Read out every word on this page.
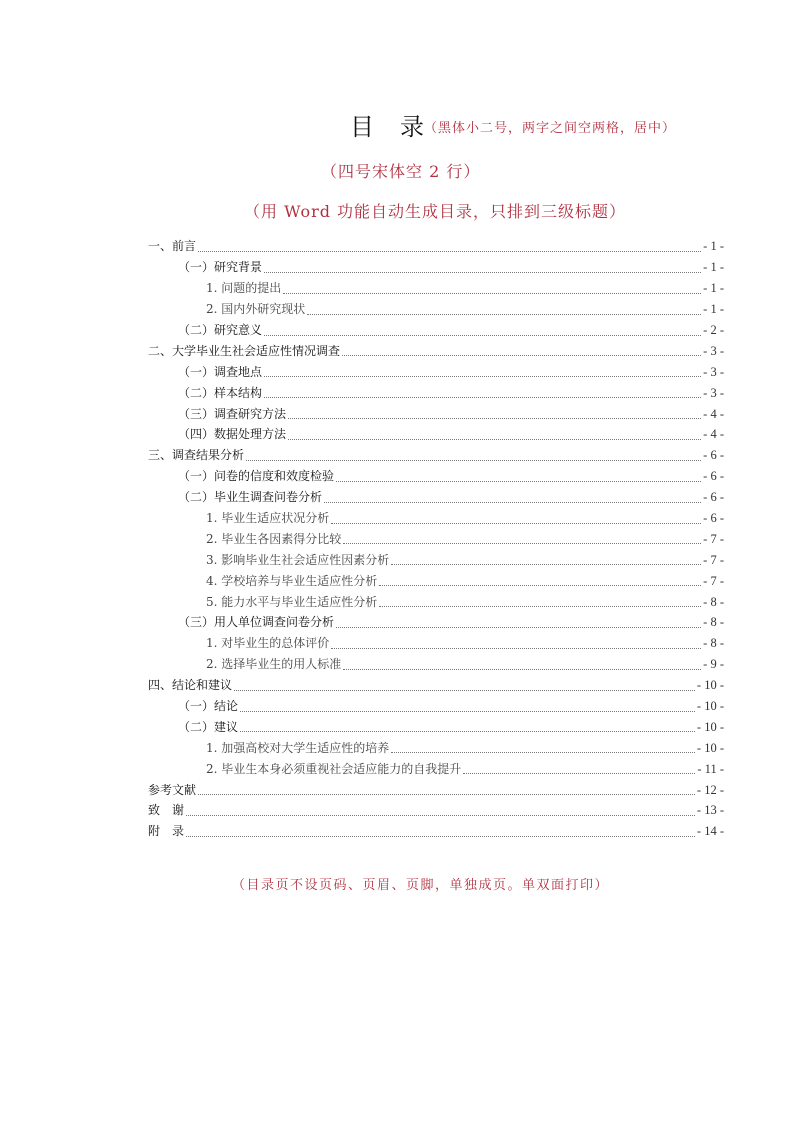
目 录 （黑体小二号，两字之间空两格，居中）
（四号宋体空 2 行）
（用 Word 功能自动生成目录，只排到三级标题）
一、前言	- 1 -
（一）研究背景	- 1 -
1. 问题的提出	- 1 -
2. 国内外研究现状	- 1 -
（二）研究意义	- 2 -
二、大学毕业生社会适应性情况调查	- 3 -
（一）调查地点	- 3 -
（二）样本结构	- 3 -
（三）调查研究方法	- 4 -
（四）数据处理方法	- 4 -
三、调查结果分析	- 6 -
（一）问卷的信度和效度检验	- 6 -
（二）毕业生调查问卷分析	- 6 -
1. 毕业生适应状况分析	- 6 -
2. 毕业生各因素得分比较	- 7 -
3. 影响毕业生社会适应性因素分析	- 7 -
4. 学校培养与毕业生适应性分析	- 7 -
5. 能力水平与毕业生适应性分析	- 8 -
（三）用人单位调查问卷分析	- 8 -
1. 对毕业生的总体评价	- 8 -
2. 选择毕业生的用人标准	- 9 -
四、结论和建议	- 10 -
（一）结论	- 10 -
（二）建议	- 10 -
1. 加强高校对大学生适应性的培养	- 10 -
2. 毕业生本身必须重视社会适应能力的自我提升	- 11 -
参考文献	- 12 -
致　谢	- 13 -
附　录	- 14 -
（目录页不设页码、页眉、页脚，单独成页。单双面打印）
